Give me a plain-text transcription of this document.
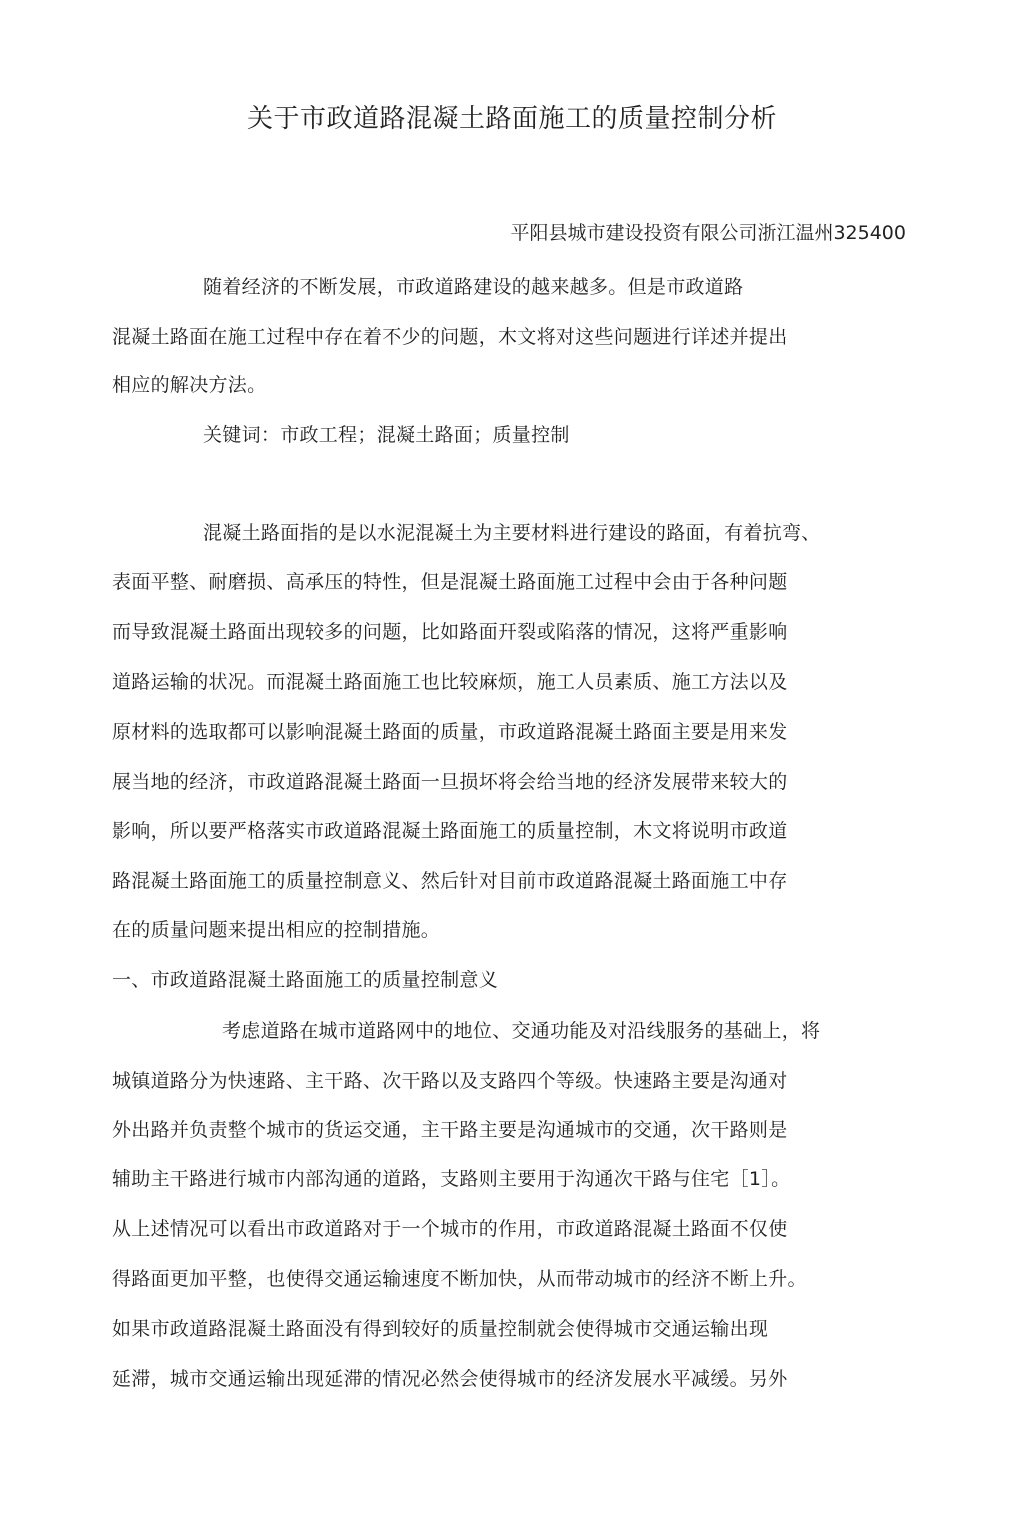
关于市政道路混凝土路面施工的质量控制分析
平阳县城市建设投资有限公司浙江温州325400
随着经济的不断发展，市政道路建设的越来越多。但是市政道路
混凝土路面在施工过程中存在着不少的问题，木文将对这些问题进行详述并提出
相应的解决方法。
关键词：市政工程；混凝土路面；质量控制
混凝土路面指的是以水泥混凝土为主要材料进行建设的路面，有着抗弯、
表面平整、耐磨损、高承压的特性，但是混凝土路面施工过程中会由于各种问题
而导致混凝土路面出现较多的问题，比如路面幵裂或陷落的情况，这将严重影响
道路运输的状况。而混凝土路面施工也比较麻烦，施工人员素质、施工方法以及
原材料的选取都可以影响混凝土路面的质量，市政道路混凝土路面主要是用来发
展当地的经济，市政道路混凝土路面一旦损坏将会给当地的经济发展带来较大的
影响，所以要严格落实市政道路混凝土路面施工的质量控制，木文将说明市政道
路混凝土路面施工的质量控制意义、然后针对目前市政道路混凝土路面施工中存
在的质量问题来提出相应的控制措施。
一、市政道路混凝土路面施工的质量控制意义
考虑道路在城市道路网中的地位、交通功能及对沿线服务的基础上，将
城镇道路分为快速路、主干路、次干路以及支路四个等级。快速路主要是沟通对
外出路并负责整个城市的货运交通，主干路主要是沟通城市的交通，次干路则是
辅助主干路进行城市内部沟通的道路，支路则主要用于沟通次干路与住宅［1］。
从上述情况可以看出市政道路对于一个城市的作用，市政道路混凝土路面不仅使
得路面更加平整，也使得交通运输速度不断加快，从而带动城市的经济不断上升。
如果市政道路混凝土路面没有得到较好的质量控制就会使得城市交通运输出现
延滞，城市交通运输出现延滞的情况必然会使得城市的经济发展水平减缓。另外
